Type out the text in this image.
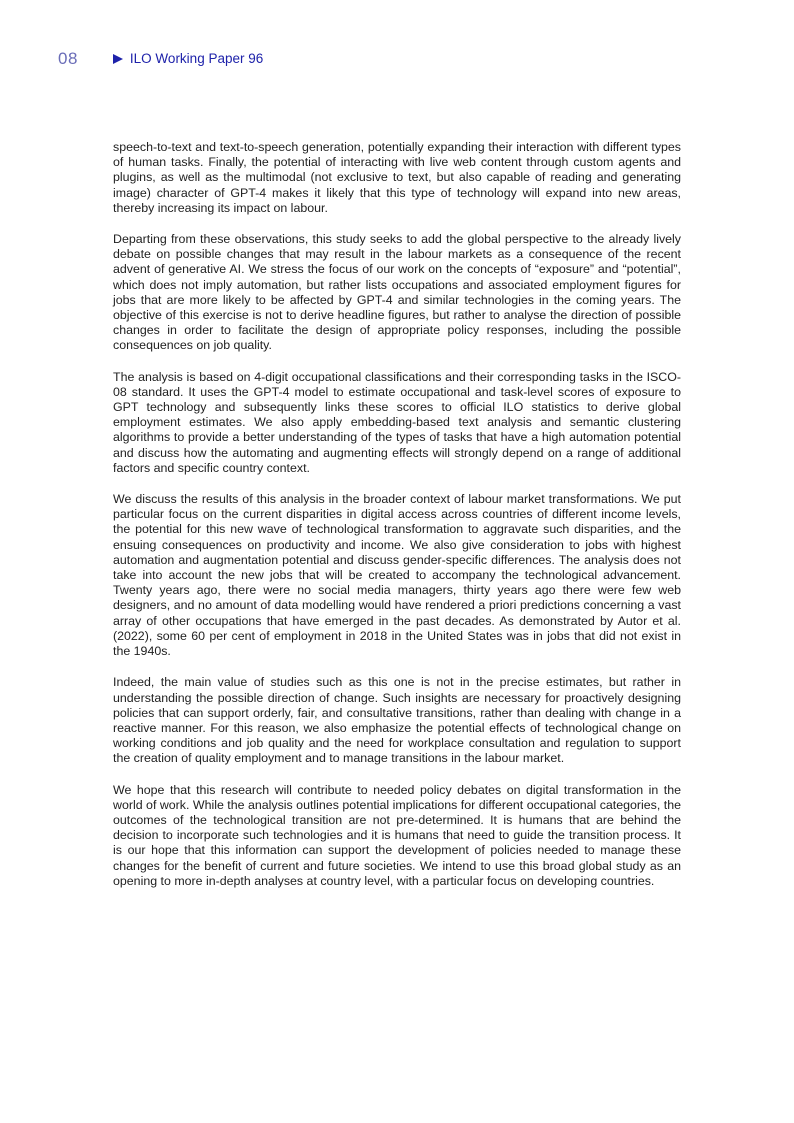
08	ILO Working Paper 96

speech-to-text and text-to-speech generation, potentially expanding their interaction with different types of human tasks. Finally, the potential of interacting with live web content through custom agents and plugins, as well as the multimodal (not exclusive to text, but also capable of reading and generating image) character of GPT-4 makes it likely that this type of technology will expand into new areas, thereby increasing its impact on labour.

Departing from these observations, this study seeks to add the global perspective to the already lively debate on possible changes that may result in the labour markets as a consequence of the recent advent of generative AI. We stress the focus of our work on the concepts of “exposure” and “potential”, which does not imply automation, but rather lists occupations and associated employment figures for jobs that are more likely to be affected by GPT-4 and similar technologies in the coming years. The objective of this exercise is not to derive headline figures, but rather to analyse the direction of possible changes in order to facilitate the design of appropriate policy responses, including the possible consequences on job quality.

The analysis is based on 4-digit occupational classifications and their corresponding tasks in the ISCO-08 standard. It uses the GPT-4 model to estimate occupational and task-level scores of exposure to GPT technology and subsequently links these scores to official ILO statistics to derive global employment estimates. We also apply embedding-based text analysis and semantic clustering algorithms to provide a better understanding of the types of tasks that have a high automation potential and discuss how the automating and augmenting effects will strongly depend on a range of additional factors and specific country context.

We discuss the results of this analysis in the broader context of labour market transformations. We put particular focus on the current disparities in digital access across countries of different income levels, the potential for this new wave of technological transformation to aggravate such disparities, and the ensuing consequences on productivity and income. We also give consideration to jobs with highest automation and augmentation potential and discuss gender-specific differences. The analysis does not take into account the new jobs that will be created to accompany the technological advancement. Twenty years ago, there were no social media managers, thirty years ago there were few web designers, and no amount of data modelling would have rendered a priori predictions concerning a vast array of other occupations that have emerged in the past decades. As demonstrated by Autor et al. (2022), some 60 per cent of employment in 2018 in the United States was in jobs that did not exist in the 1940s.

Indeed, the main value of studies such as this one is not in the precise estimates, but rather in understanding the possible direction of change. Such insights are necessary for proactively designing policies that can support orderly, fair, and consultative transitions, rather than dealing with change in a reactive manner. For this reason, we also emphasize the potential effects of technological change on working conditions and job quality and the need for workplace consultation and regulation to support the creation of quality employment and to manage transitions in the labour market.

We hope that this research will contribute to needed policy debates on digital transformation in the world of work. While the analysis outlines potential implications for different occupational categories, the outcomes of the technological transition are not pre-determined. It is humans that are behind the decision to incorporate such technologies and it is humans that need to guide the transition process. It is our hope that this information can support the development of policies needed to manage these changes for the benefit of current and future societies. We intend to use this broad global study as an opening to more in-depth analyses at country level, with a particular focus on developing countries.
